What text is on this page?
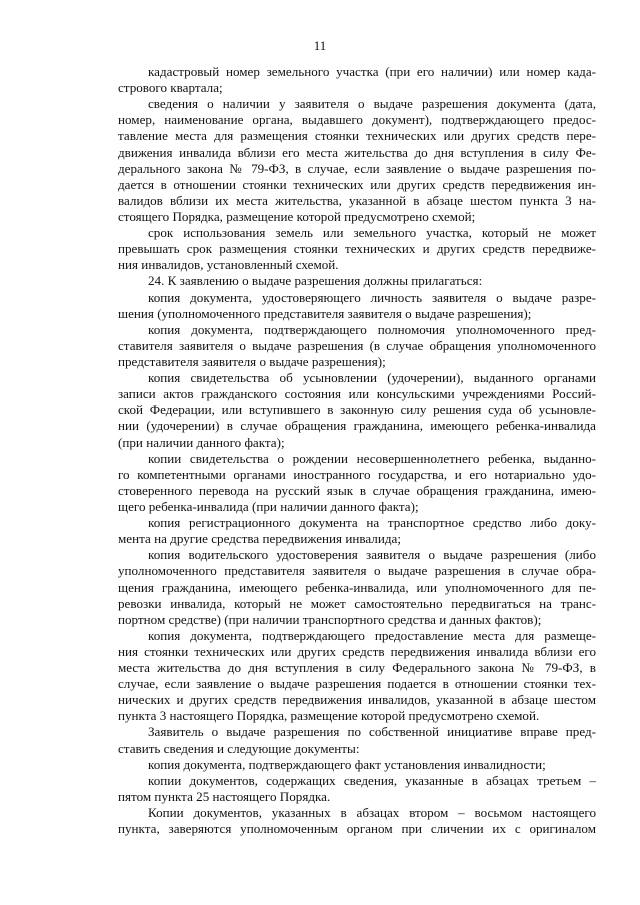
11
кадастровый номер земельного участка (при его наличии) или номер када-
стрового квартала;
сведения о наличии у заявителя о выдаче разрешения документа (дата,
номер, наименование органа, выдавшего документ), подтверждающего предос-
тавление места для размещения стоянки технических или других средств пере-
движения инвалида вблизи его места жительства до дня вступления в силу Фе-
дерального закона № 79-ФЗ, в случае, если заявление о выдаче разрешения по-
дается в отношении стоянки технических или других средств передвижения ин-
валидов вблизи их места жительства, указанной в абзаце шестом пункта 3 на-
стоящего Порядка, размещение которой предусмотрено схемой;
срок использования земель или земельного участка, который не может
превышать срок размещения стоянки технических и других средств передвиже-
ния инвалидов, установленный схемой.
24. К заявлению о выдаче разрешения должны прилагаться:
копия документа, удостоверяющего личность заявителя о выдаче разре-
шения (уполномоченного представителя заявителя о выдаче разрешения);
копия документа, подтверждающего полномочия уполномоченного пред-
ставителя заявителя о выдаче разрешения (в случае обращения уполномоченного
представителя заявителя о выдаче разрешения);
копия свидетельства об усыновлении (удочерении), выданного органами
записи актов гражданского состояния или консульскими учреждениями Россий-
ской Федерации, или вступившего в законную силу решения суда об усыновле-
нии (удочерении) в случае обращения гражданина, имеющего ребенка-инвалида
(при наличии данного факта);
копии свидетельства о рождении несовершеннолетнего ребенка, выданно-
го компетентными органами иностранного государства, и его нотариально удо-
стоверенного перевода на русский язык в случае обращения гражданина, имею-
щего ребенка-инвалида (при наличии данного факта);
копия регистрационного документа на транспортное средство либо доку-
мента на другие средства передвижения инвалида;
копия водительского удостоверения заявителя о выдаче разрешения (либо
уполномоченного представителя заявителя о выдаче разрешения в случае обра-
щения гражданина, имеющего ребенка-инвалида, или уполномоченного для пе-
ревозки инвалида, который не может самостоятельно передвигаться на транс-
портном средстве) (при наличии транспортного средства и данных фактов);
копия документа, подтверждающего предоставление места для размеще-
ния стоянки технических или других средств передвижения инвалида вблизи его
места жительства до дня вступления в силу Федерального закона № 79-ФЗ, в
случае, если заявление о выдаче разрешения подается в отношении стоянки тех-
нических и других средств передвижения инвалидов, указанной в абзаце шестом
пункта 3 настоящего Порядка, размещение которой предусмотрено схемой.
Заявитель о выдаче разрешения по собственной инициативе вправе пред-
ставить сведения и следующие документы:
копия документа, подтверждающего факт установления инвалидности;
копии документов, содержащих сведения, указанные в абзацах третьем –
пятом пункта 25 настоящего Порядка.
Копии документов, указанных в абзацах втором – восьмом настоящего
пункта, заверяются уполномоченным органом при сличении их с оригиналом
